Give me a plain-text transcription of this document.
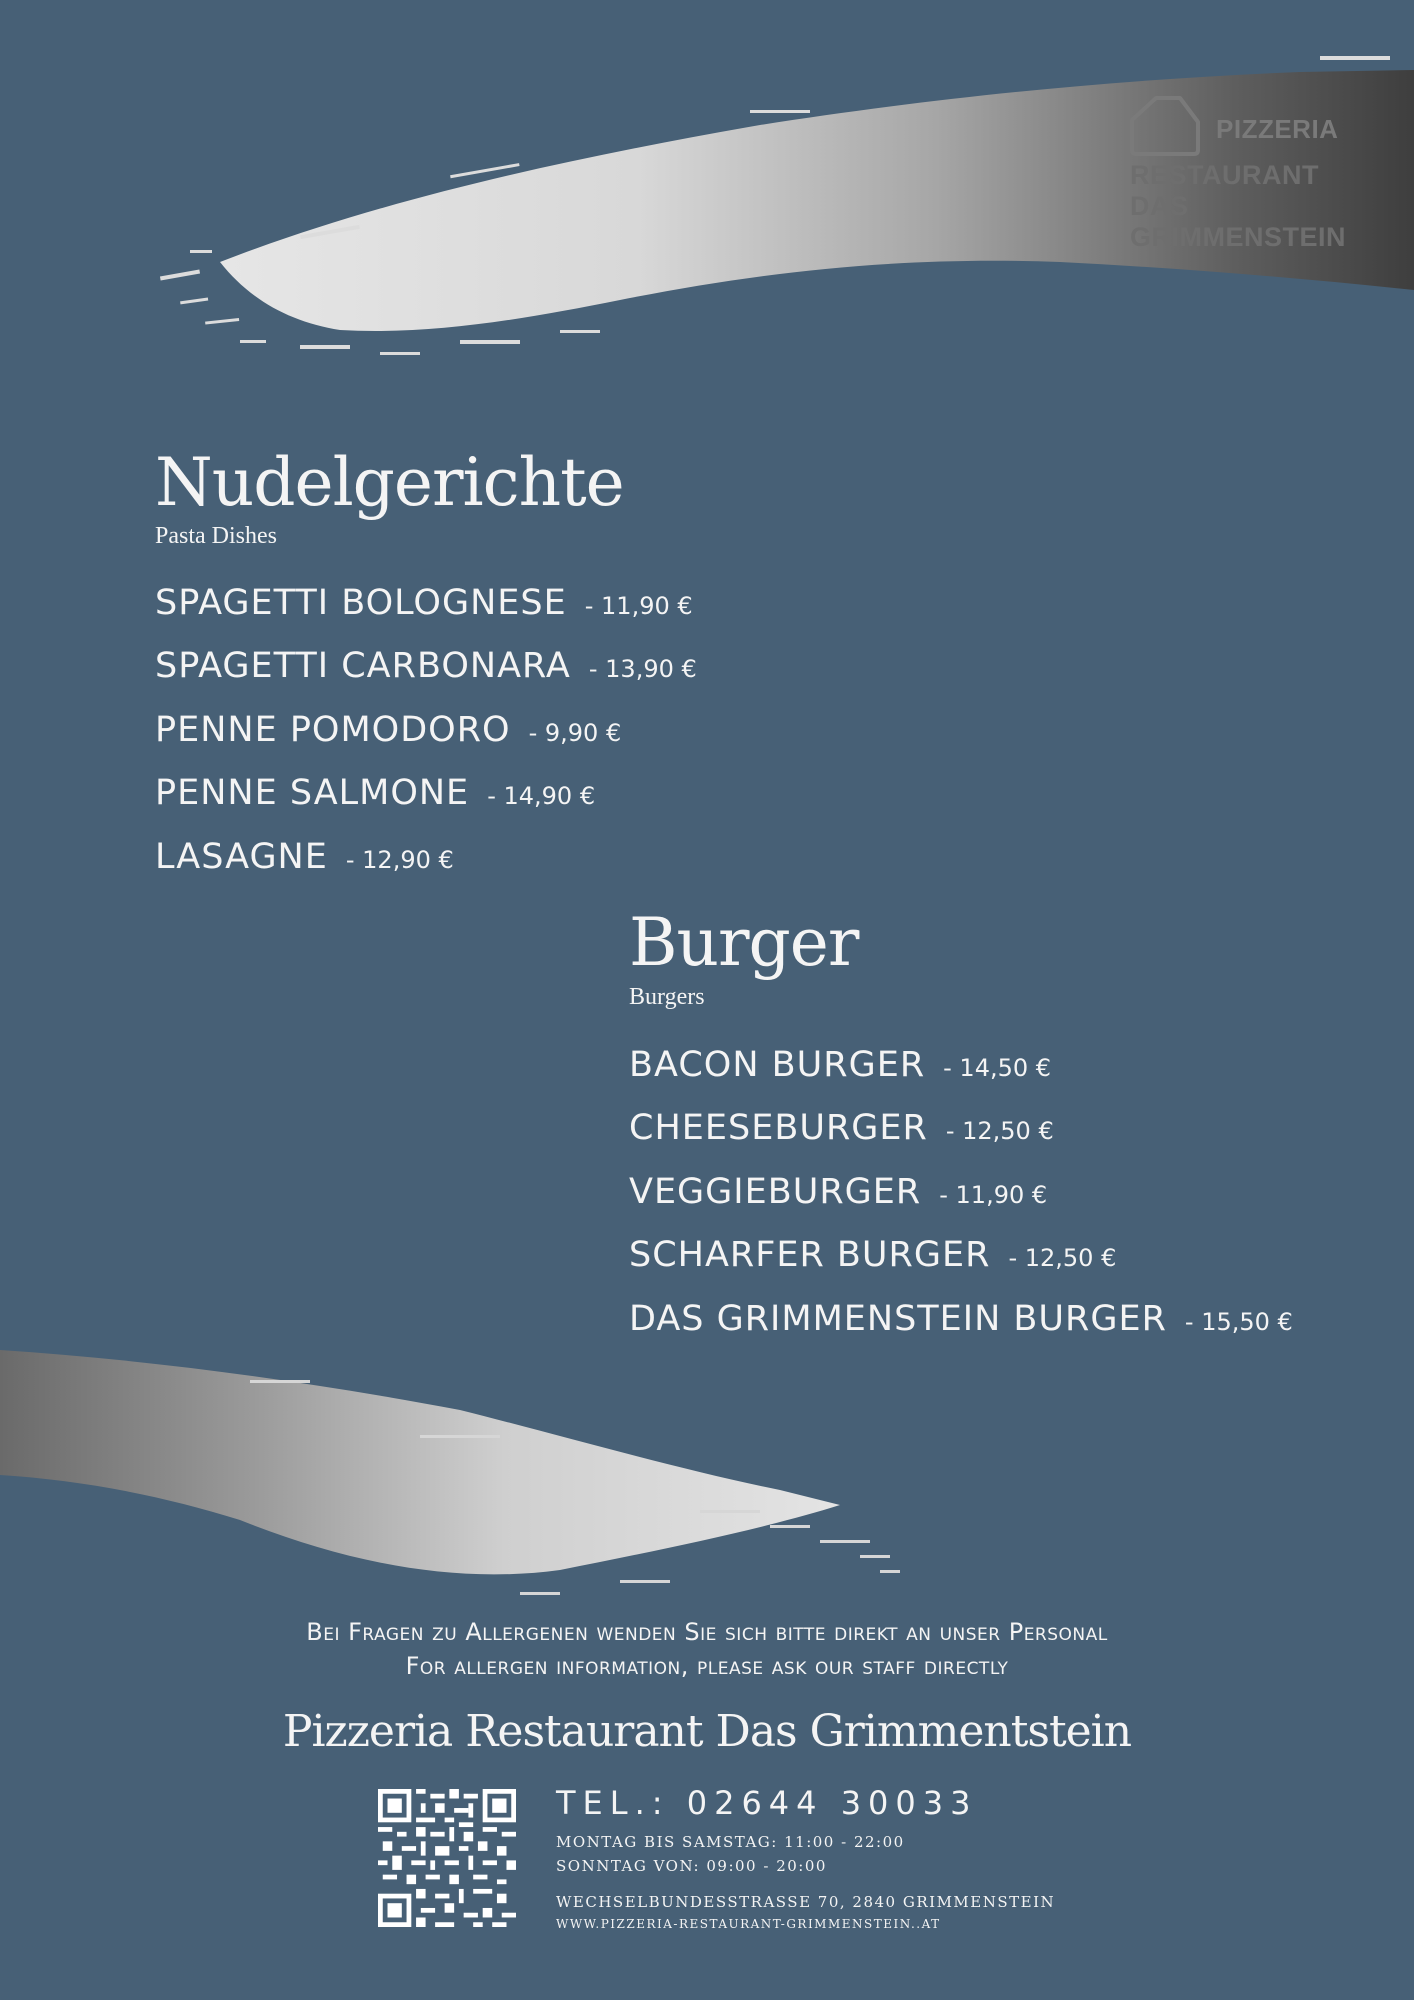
PIZZERIA
RESTAURANT
DAS
GRIMMENSTEIN
Nudelgerichte
Pasta Dishes
SPAGETTI BOLOGNESE - 11,90 €
SPAGETTI CARBONARA - 13,90 €
PENNE POMODORO - 9,90 €
PENNE SALMONE - 14,90 €
LASAGNE - 12,90 €
Burger
Burgers
BACON BURGER - 14,50 €
CHEESEBURGER - 12,50 €
VEGGIEBURGER - 11,90 €
SCHARFER BURGER - 12,50 €
DAS GRIMMENSTEIN BURGER - 15,50 €
Bei Fragen zu Allergenen wenden Sie sich bitte direkt an unser Personal
For allergen information, please ask our staff directly
Pizzeria Restaurant Das Grimmentstein
TEL.: 02644 30033
MONTAG BIS SAMSTAG: 11:00 - 22:00
SONNTAG VON: 09:00 - 20:00
WECHSELBUNDESSTRASSE 70, 2840 GRIMMENSTEIN
WWW.PIZZERIA-RESTAURANT-GRIMMENSTEIN..AT
